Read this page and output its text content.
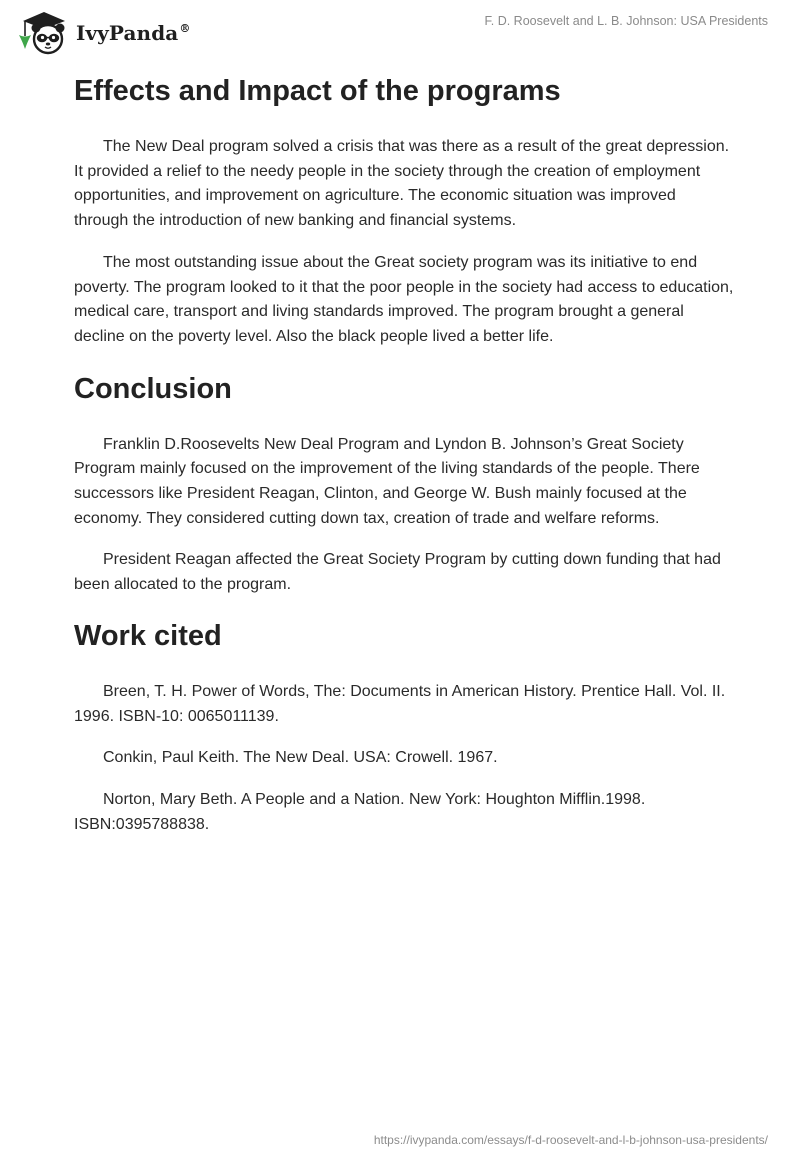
IvyPanda®
F. D. Roosevelt and L. B. Johnson: USA Presidents
Effects and Impact of the programs

The New Deal program solved a crisis that was there as a result of the great depression. It provided a relief to the needy people in the society through the creation of employment opportunities, and improvement on agriculture. The economic situation was improved through the introduction of new banking and financial systems.

The most outstanding issue about the Great society program was its initiative to end poverty. The program looked to it that the poor people in the society had access to education, medical care, transport and living standards improved. The program brought a general decline on the poverty level. Also the black people lived a better life.

Conclusion

Franklin D.Roosevelts New Deal Program and Lyndon B. Johnson’s Great Society Program mainly focused on the improvement of the living standards of the people. There successors like President Reagan, Clinton, and George W. Bush mainly focused at the economy. They considered cutting down tax, creation of trade and welfare reforms.

President Reagan affected the Great Society Program by cutting down funding that had been allocated to the program.

Work cited

Breen, T. H. Power of Words, The: Documents in American History. Prentice Hall. Vol. II. 1996. ISBN-10: 0065011139.

Conkin, Paul Keith. The New Deal. USA: Crowell. 1967.

Norton, Mary Beth. A People and a Nation. New York: Houghton Mifflin.1998. ISBN:0395788838.

https://ivypanda.com/essays/f-d-roosevelt-and-l-b-johnson-usa-presidents/
